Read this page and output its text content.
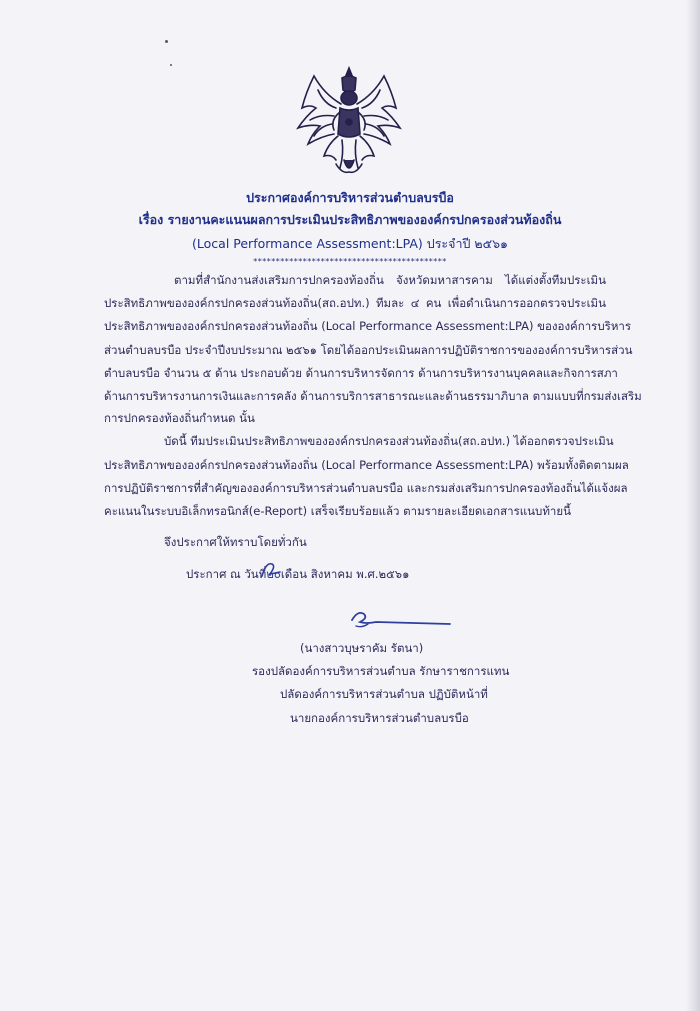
ประกาศองค์การบริหารส่วนตำบลบรบือ
เรื่อง รายงานคะแนนผลการประเมินประสิทธิภาพขององค์กรปกครองส่วนท้องถิ่น
(Local Performance Assessment:LPA) ประจำปี ๒๕๖๑
*******************************************
ตามที่สำนักงานส่งเสริมการปกครองท้องถิ่น จังหวัดมหาสารคาม ได้แต่งตั้งทีมประเมิน
ประสิทธิภาพขององค์กรปกครองส่วนท้องถิ่น(สถ.อปท.) ทีมละ ๔ คน เพื่อดำเนินการออกตรวจประเมิน
ประสิทธิภาพขององค์กรปกครองส่วนท้องถิ่น (Local Performance Assessment:LPA) ขององค์การบริหาร
ส่วนตำบลบรบือ ประจำปีงบประมาณ ๒๕๖๑ โดยได้ออกประเมินผลการปฏิบัติราชการขององค์การบริหารส่วน
ตำบลบรบือ จำนวน ๕ ด้าน ประกอบด้วย ด้านการบริหารจัดการ ด้านการบริหารงานบุคคลและกิจการสภา
ด้านการบริหารงานการเงินและการคลัง ด้านการบริการสาธารณะและด้านธรรมาภิบาล ตามแบบที่กรมส่งเสริม
การปกครองท้องถิ่นกำหนด นั้น
บัดนี้ ทีมประเมินประสิทธิภาพขององค์กรปกครองส่วนท้องถิ่น(สถ.อปท.) ได้ออกตรวจประเมิน
ประสิทธิภาพขององค์กรปกครองส่วนท้องถิ่น (Local Performance Assessment:LPA) พร้อมทั้งติดตามผล
การปฏิบัติราชการที่สำคัญขององค์การบริหารส่วนตำบลบรบือ และกรมส่งเสริมการปกครองท้องถิ่นได้แจ้งผล
คะแนนในระบบอิเล็กทรอนิกส์(e-Report) เสร็จเรียบร้อยแล้ว ตามรายละเอียดเอกสารแนบท้ายนี้
จึงประกาศให้ทราบโดยทั่วกัน
ประกาศ ณ วันที่๒๐เดือน สิงหาคม พ.ศ.๒๕๖๑
(นางสาวบุษราคัม รัตนา)
รองปลัดองค์การบริหารส่วนตำบล รักษาราชการแทน
ปลัดองค์การบริหารส่วนตำบล ปฏิบัติหน้าที่
นายกองค์การบริหารส่วนตำบลบรบือ
